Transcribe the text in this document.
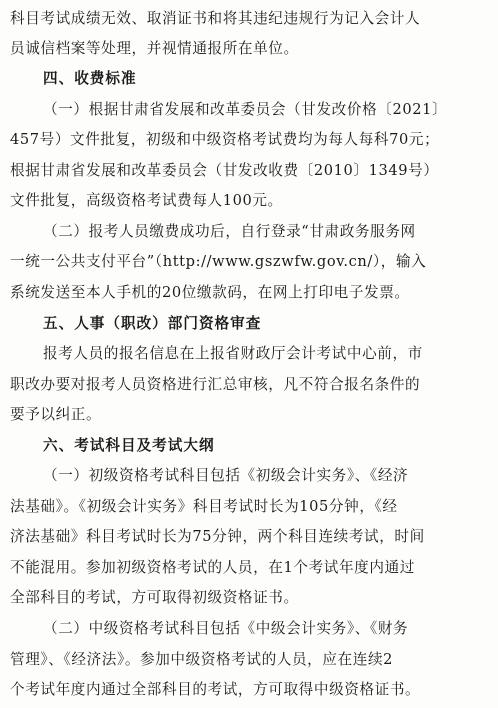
科目考试成绩无效、取消证书和将其违纪违规行为记入会计人
员诚信档案等处理，并视情通报所在单位。
四、收费标准
（一）根据甘肃省发展和改革委员会（甘发改价格〔2021〕
457号）文件批复，初级和中级资格考试费均为每人每科70元；
根据甘肃省发展和改革委员会（甘发改收费〔2010〕1349号）
文件批复，高级资格考试费每人100元。
（二）报考人员缴费成功后，自行登录“甘肃政务服务网
一统一公共支付平台”（http://www.gszwfw.gov.cn/），输入
系统发送至本人手机的20位缴款码，在网上打印电子发票。
五、人事（职改）部门资格审查
报考人员的报名信息在上报省财政厅会计考试中心前，市
职改办要对报考人员资格进行汇总审核，凡不符合报名条件的
要予以纠正。
六、考试科目及考试大纲
（一）初级资格考试科目包括《初级会计实务》、《经济
法基础》。《初级会计实务》科目考试时长为105分钟，《经
济法基础》科目考试时长为75分钟，两个科目连续考试，时间
不能混用。参加初级资格考试的人员，在1个考试年度内通过
全部科目的考试，方可取得初级资格证书。
（二）中级资格考试科目包括《中级会计实务》、《财务
管理》、《经济法》。参加中级资格考试的人员，应在连续2
个考试年度内通过全部科目的考试，方可取得中级资格证书。
